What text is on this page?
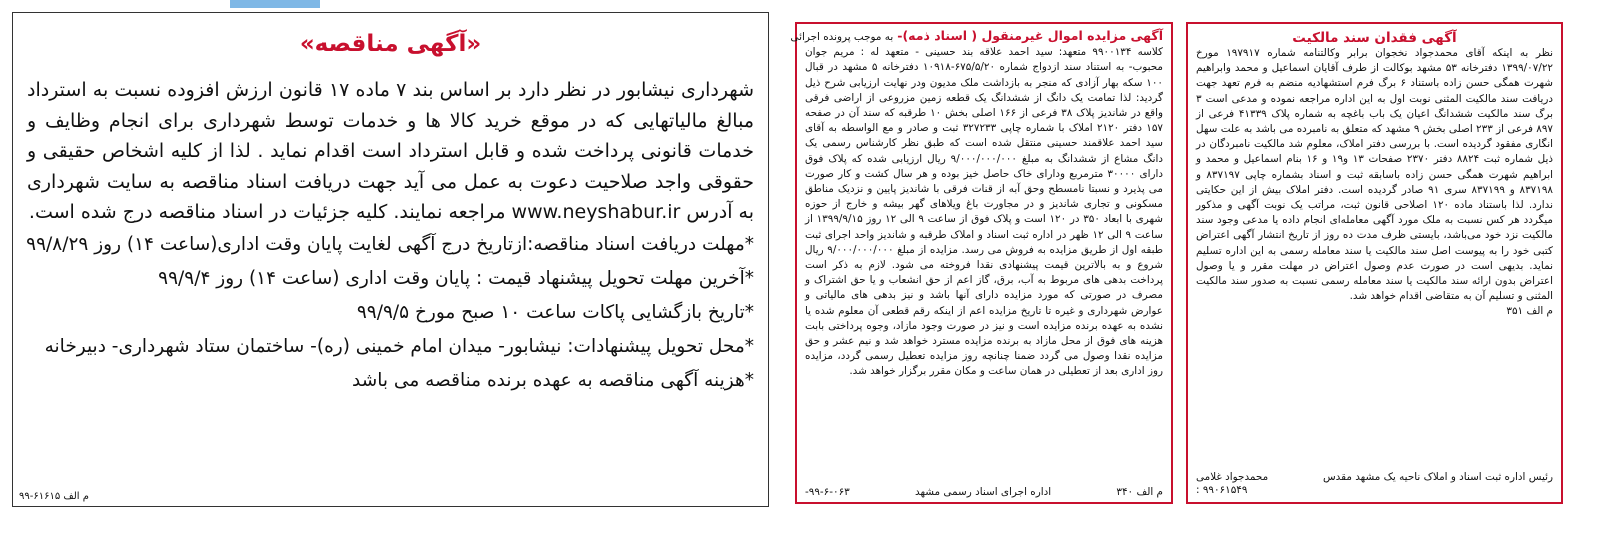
«آگهی مناقصه»
شهرداری نیشابور در نظر دارد بر اساس بند ۷ ماده ۱۷ قانون ارزش افزوده نسبت به استرداد مبالغ مالیاتهایی که در موقع خرید کالا ها و خدمات توسط شهرداری برای انجام وظایف و خدمات قانونی پرداخت شده و قابل استرداد است اقدام نماید . لذا از کلیه اشخاص حقیقی و حقوقی واجد صلاحیت دعوت به عمل می آید جهت دریافت اسناد مناقصه به سایت شهرداری به آدرس www.neyshabur.ir مراجعه نمایند. کلیه جزئیات در اسناد مناقصه درج شده است.
*مهلت دریافت اسناد مناقصه:ازتاریخ درج آگهی لغایت پایان وقت اداری(ساعت ۱۴) روز ۹۹/۸/۲۹
*آخرین مهلت تحویل پیشنهاد قیمت : پایان وقت اداری (ساعت ۱۴) روز ۹۹/۹/۴
*تاریخ بازگشایی پاکات ساعت ۱۰ صبح مورخ ۹۹/۹/۵
*محل تحویل پیشنهادات: نیشابور- میدان امام خمینی (ره)- ساختمان ستاد شهرداری- دبیرخانه
*هزینه آگهی مناقصه به عهده برنده مناقصه می باشد
م الف ۶۱۶۱۵-۹۹
آگهی مزایده اموال غیرمنقول ( اسناد ذمه)-
به موجب پرونده اجرائی
کلاسه ۹۹۰۰۱۳۴ متعهد: سید احمد علاقه بند حسینی - متعهد له : مریم جوان محبوب- به استناد سند ازدواج شماره ۶۷۵/۵/۲۰-۱۰۹۱۸ دفترخانه ۵ مشهد در قبال ۱۰۰ سکه بهار آزادی که منجر به بازداشت ملک مدیون ودر نهایت ارزیابی شرح ذیل گردید: لذا تمامت یک دانگ از ششدانگ یک قطعه زمین مزروعی از اراضی فرقی واقع در شاندیز پلاک ۳۸ فرعی از ۱۶۶ اصلی بخش ۱۰ طرقبه که سند آن در صفحه ۱۵۷ دفتر ۲۱۲۰ املاک با شماره چاپی ۳۲۷۲۳۳ ثبت و صادر و مع الواسطه به آقای سید احمد علاقمند حسینی منتقل شده است که طبق نظر کارشناس رسمی یک دانگ مشاع از ششدانگ به مبلغ ۹/۰۰۰/۰۰۰/۰۰۰ ریال ارزیابی شده که پلاک فوق دارای ۳۰۰۰۰ مترمربع ودارای خاک حاصل خیز بوده و هر سال کشت و کار صورت می پذیرد و نسبتا نامسطح وحق آبه از قنات فرقی با شاندیز پایین و نزدیک مناطق مسکونی و تجاری شاندیز و در مجاورت باغ ویلاهای گهر بیشه و خارج از حوزه شهری با ابعاد ۳۵۰ در ۱۲۰ است و پلاک فوق از ساعت ۹ الی ۱۲ روز ۱۳۹۹/۹/۱۵ از ساعت ۹ الی ۱۲ ظهر در اداره ثبت اسناد و املاک طرقبه و شاندیز واحد اجرای ثبت طبقه اول از طریق مزایده به فروش می رسد. مزایده از مبلغ ۹/۰۰۰/۰۰۰/۰۰۰ ریال شروع و به بالاترین قیمت پیشنهادی نقدا فروخته می شود. لازم به ذکر است پرداخت بدهی های مربوط به آب، برق، گاز اعم از حق انشعاب و یا حق اشتراک و مصرف در صورتی که مورد مزایده دارای آنها باشد و نیز بدهی های مالیاتی و عوارض شهرداری و غیره تا تاریخ مزایده اعم از اینکه رقم قطعی آن معلوم شده یا نشده به عهده برنده مزایده است و نیز در صورت وجود مازاد، وجوه پرداختی بابت هزینه های فوق از محل مازاد به برنده مزایده مسترد خواهد شد و نیم عشر و حق مزایده نقدا وصول می گردد ضمنا چنانچه روز مزایده تعطیل رسمی گردد، مزایده روز اداری بعد از تعطیلی در همان ساعت و مکان مقرر برگزار خواهد شد.
م الف ۳۴۰
اداره اجرای اسناد رسمی مشهد
۹۹-۶-۰۶۳-
آگهی فقدان سند مالکیت
نظر به اینکه آقای محمدجواد نخجوان برابر وکالتنامه شماره ۱۹۷۹۱۷ مورخ ۱۳۹۹/۰۷/۲۲ دفترخانه ۵۳ مشهد بوکالت از طرف آقایان اسماعیل و محمد وابراهیم شهرت همگی حسن زاده باستناد ۶ برگ فرم استشهادیه منضم به فرم تعهد جهت دریافت سند مالکیت المثنی نوبت اول به این اداره مراجعه نموده و مدعی است ۳ برگ سند مالکیت ششدانگ اعیان یک باب باغچه به شماره پلاک ۴۱۳۳۹ فرعی از ۸۹۷ فرعی از ۲۳۳ اصلی بخش ۹ مشهد که متعلق به نامبرده می باشد به علت سهل انگاری مفقود گردیده است. با بررسی دفتر املاک، معلوم شد مالکیت نامبردگان در ذیل شماره ثبت ۸۸۲۴ دفتر ۲۳۷۰ صفحات ۱۳ و۱۹ و ۱۶ بنام اسماعیل و محمد و ابراهیم شهرت همگی حسن زاده باسابقه ثبت و اسناد بشماره چاپی ۸۳۷۱۹۷ و ۸۳۷۱۹۸ و ۸۳۷۱۹۹ سری ۹۱ صادر گردیده است. دفتر املاک بیش از این حکایتی ندارد. لذا باستناد ماده ۱۲۰ اصلاحی قانون ثبت، مراتب یک نوبت آگهی و مذکور میگردد هر کس نسبت به ملک مورد آگهی معامله‌ای انجام داده یا مدعی وجود سند مالکیت نزد خود می‌باشد، بایستی ظرف مدت ده روز از تاریخ انتشار آگهی اعتراض کتبی خود را به پیوست اصل سند مالکیت یا سند معامله رسمی به این اداره تسلیم نماید. بدیهی است در صورت عدم وصول اعتراض در مهلت مقرر و یا وصول اعتراض بدون ارائه سند مالکیت یا سند معامله رسمی نسبت به صدور سند مالکیت المثنی و تسلیم آن به متقاضی اقدام خواهد شد.
م الف ۳۵۱
رئیس اداره ثبت اسناد و املاک ناحیه یک مشهد مقدس
محمدجواد غلامی
۹۹۰۶۱۵۴۹ :
